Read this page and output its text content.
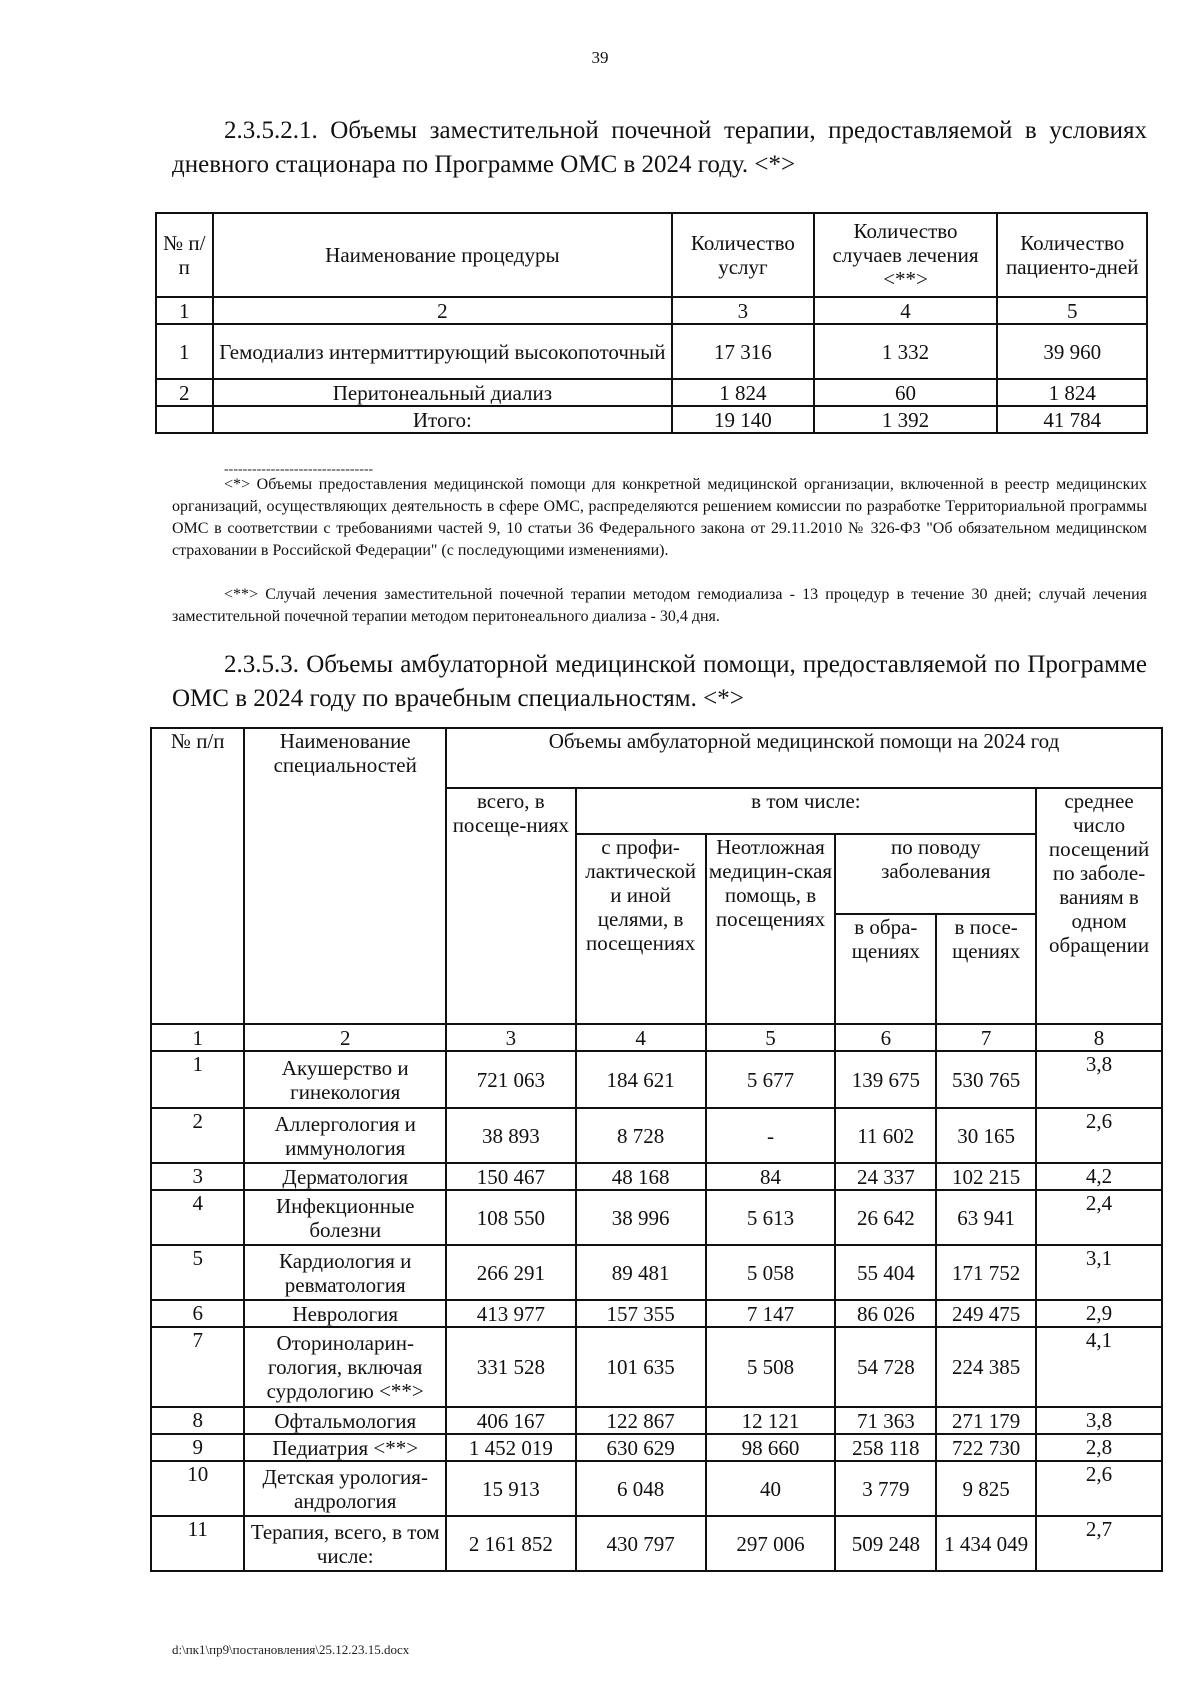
39
2.3.5.2.1. Объемы заместительной почечной терапии, предоставляемой в условиях дневного стационара по Программе ОМС в 2024 году. <*>
№ п/п	Наименование процедуры	Количество услуг	Количество случаев лечения <**>	Количество пациенто-дней
1	2	3	4	5
1	Гемодиализ интермиттирующий высокопоточный	17 316	1 332	39 960
2	Перитонеальный диализ	1 824	60	1 824
	Итого:	19 140	1 392	41 784
--------------------------------
<*> Объемы предоставления медицинской помощи для конкретной медицинской организации, включенной в реестр медицинских организаций, осуществляющих деятельность в сфере ОМС, распределяются решением комиссии по разработке Территориальной программы ОМС в соответствии с требованиями частей 9, 10 статьи 36 Федерального закона от 29.11.2010 № 326-ФЗ "Об обязательном медицинском страховании в Российской Федерации" (с последующими изменениями).
<**> Случай лечения заместительной почечной терапии методом гемодиализа - 13 процедур в течение 30 дней; случай лечения заместительной почечной терапии методом перитонеального диализа - 30,4 дня.
2.3.5.3. Объемы амбулаторной медицинской помощи, предоставляемой по Программе ОМС в 2024 году по врачебным специальностям. <*>
№ п/п	Наименование специальностей	Объемы амбулаторной медицинской помощи на 2024 год					
		всего, в посеще-ниях	в том числе:				среднее число посещений по заболе-ваниям в одном обращении
			с профи-лактической и иной целями, в посещениях	Неотложная медицин-ская помощь, в посещениях	по поводу заболевания		
					в обра-щениях	в посе-щениях	

1	2	3	4	5	6	7	8
1	Акушерство и гинекология	721 063	184 621	5 677	139 675	530 765	3,8
2	Аллергология и иммунология	38 893	8 728	-	11 602	30 165	2,6
3	Дерматология	150 467	48 168	84	24 337	102 215	4,2
4	Инфекционные болезни	108 550	38 996	5 613	26 642	63 941	2,4
5	Кардиология и ревматология	266 291	89 481	5 058	55 404	171 752	3,1
6	Неврология	413 977	157 355	7 147	86 026	249 475	2,9
7	Оториноларин-гология, включая сурдологию <**>	331 528	101 635	5 508	54 728	224 385	4,1
8	Офтальмология	406 167	122 867	12 121	71 363	271 179	3,8
9	Педиатрия <**>	1 452 019	630 629	98 660	258 118	722 730	2,8
10	Детская урология-андрология	15 913	6 048	40	3 779	9 825	2,6
11	Терапия, всего, в том числе:	2 161 852	430 797	297 006	509 248	1 434 049	2,7
d:\пк1\пр9\постановления\25.12.23.15.docx
